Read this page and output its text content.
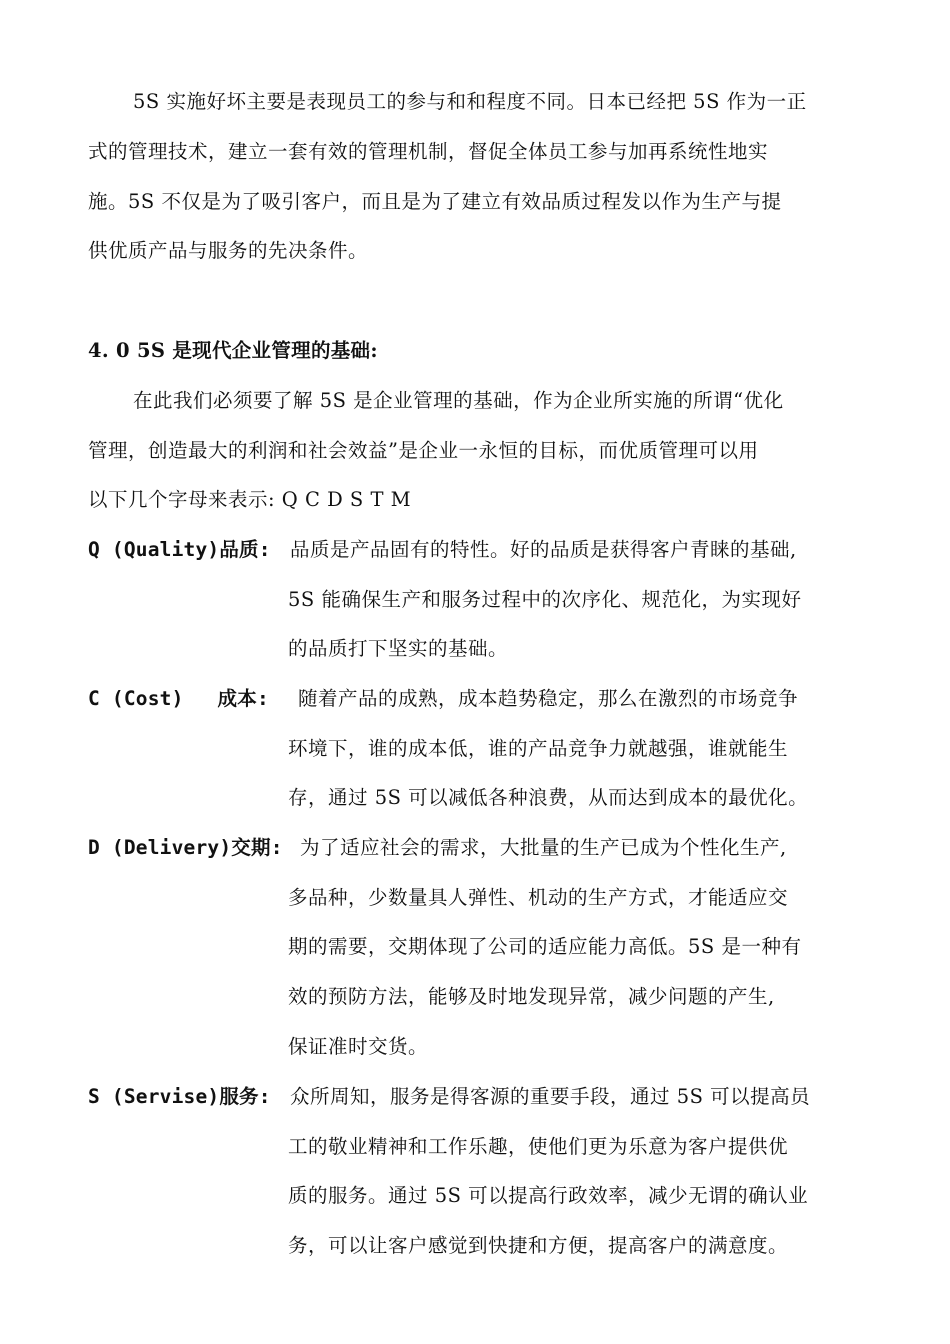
5S 实施好坏主要是表现员工的参与和和程度不同。日本已经把 5S 作为一正
式的管理技术，建立一套有效的管理机制，督促全体员工参与加再系统性地实
施。5S 不仅是为了吸引客户，而且是为了建立有效品质过程发以作为生产与提
供优质产品与服务的先决条件。
4. 0 5S 是现代企业管理的基础:
在此我们必须要了解 5S 是企业管理的基础，作为企业所实施的所谓“优化
管理，创造最大的利润和社会效益”是企业一永恒的目标，而优质管理可以用
以下几个字母来表示: Q C D S T M
Q (Quality)品质: 品质是产品固有的特性。好的品质是获得客户青睐的基础,
5S 能确保生产和服务过程中的次序化、规范化，为实现好
的品质打下坚实的基础。
C (Cost) 成本: 随着产品的成熟，成本趋势稳定，那么在激烈的市场竞争
环境下，谁的成本低，谁的产品竞争力就越强，谁就能生
存，通过 5S 可以减低各种浪费，从而达到成本的最优化。
D (Delivery)交期: 为了适应社会的需求，大批量的生产已成为个性化生产,
多品种，少数量具人弹性、机动的生产方式，才能适应交
期的需要，交期体现了公司的适应能力高低。5S 是一种有
效的预防方法，能够及时地发现异常，减少问题的产生,
保证准时交货。
S (Servise)服务: 众所周知，服务是得客源的重要手段，通过 5S 可以提高员
工的敬业精神和工作乐趣，使他们更为乐意为客户提供优
质的服务。通过 5S 可以提高行政效率，减少无谓的确认业
务，可以让客户感觉到快捷和方便，提高客户的满意度。
